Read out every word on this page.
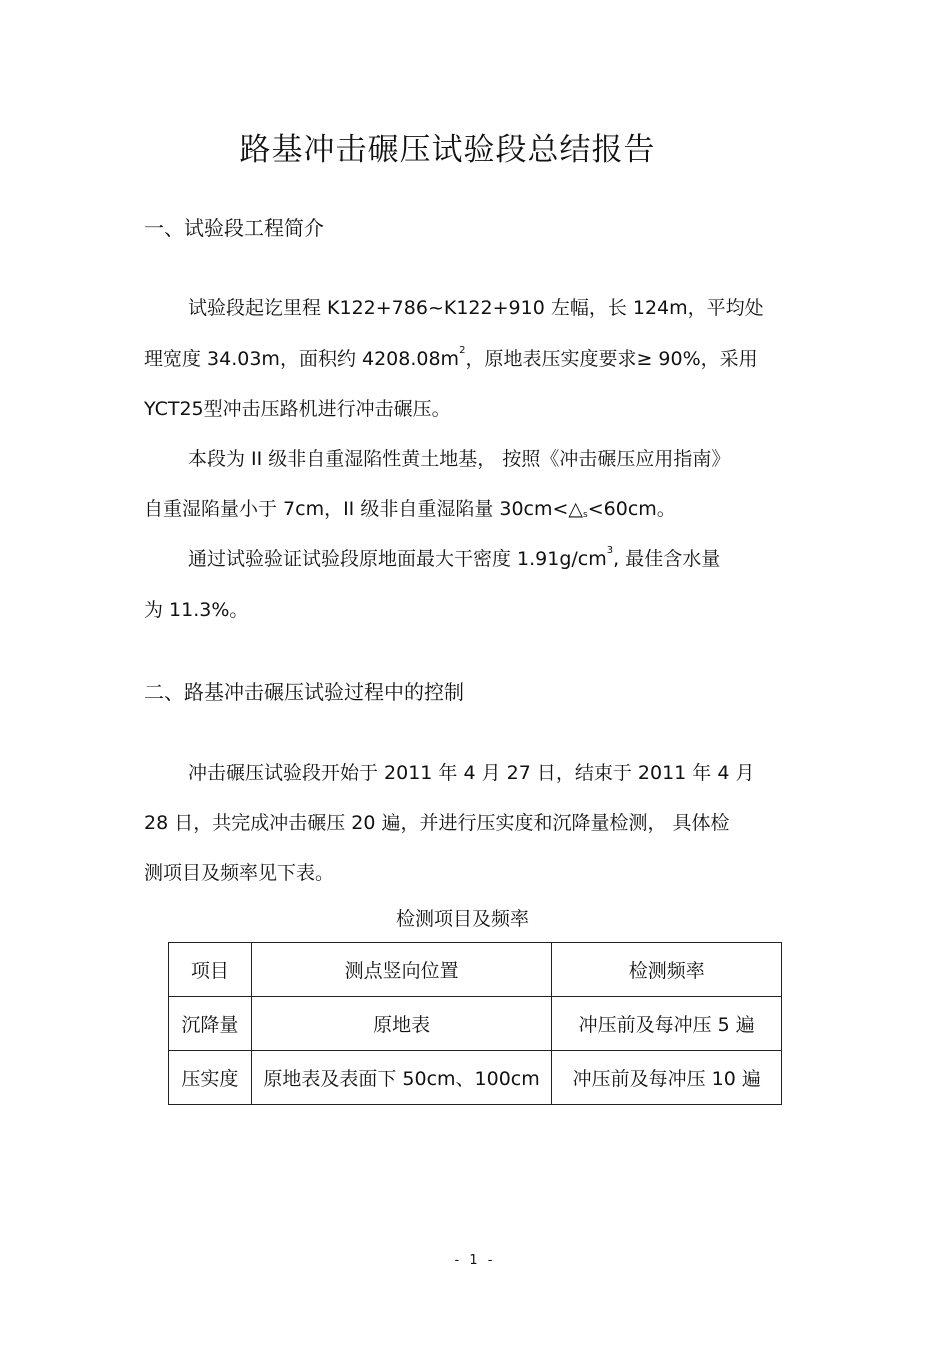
路基冲击碾压试验段总结报告
一、试验段工程简介
试验段起讫里程 K122+786~K122+910 左幅，长 124m，平均处
理宽度 34.03m，面积约 $4208.08m^2$，原地表压实度要求≥ 90%，采用
YCT25型冲击压路机进行冲击碾压。
本段为 II 级非自重湿陷性黄土地基， 按照《冲击碾压应用指南》
自重湿陷量小于 7cm，II 级非自重湿陷量 $30cm<\triangle_s<60cm$。
通过试验验证试验段原地面最大干密度 $1.91g/cm^3$, 最佳含水量
为 11.3%。
二、路基冲击碾压试验过程中的控制
冲击碾压试验段开始于 2011 年 4 月 27 日，结束于 2011 年 4 月
28 日，共完成冲击碾压 20 遍，并进行压实度和沉降量检测， 具体检
测项目及频率见下表。
检测项目及频率
项目	测点竖向位置	检测频率
沉降量	原地表	冲压前及每冲压 5 遍
压实度	原地表及表面下 50cm、100cm	冲压前及每冲压 10 遍
- 1 -
